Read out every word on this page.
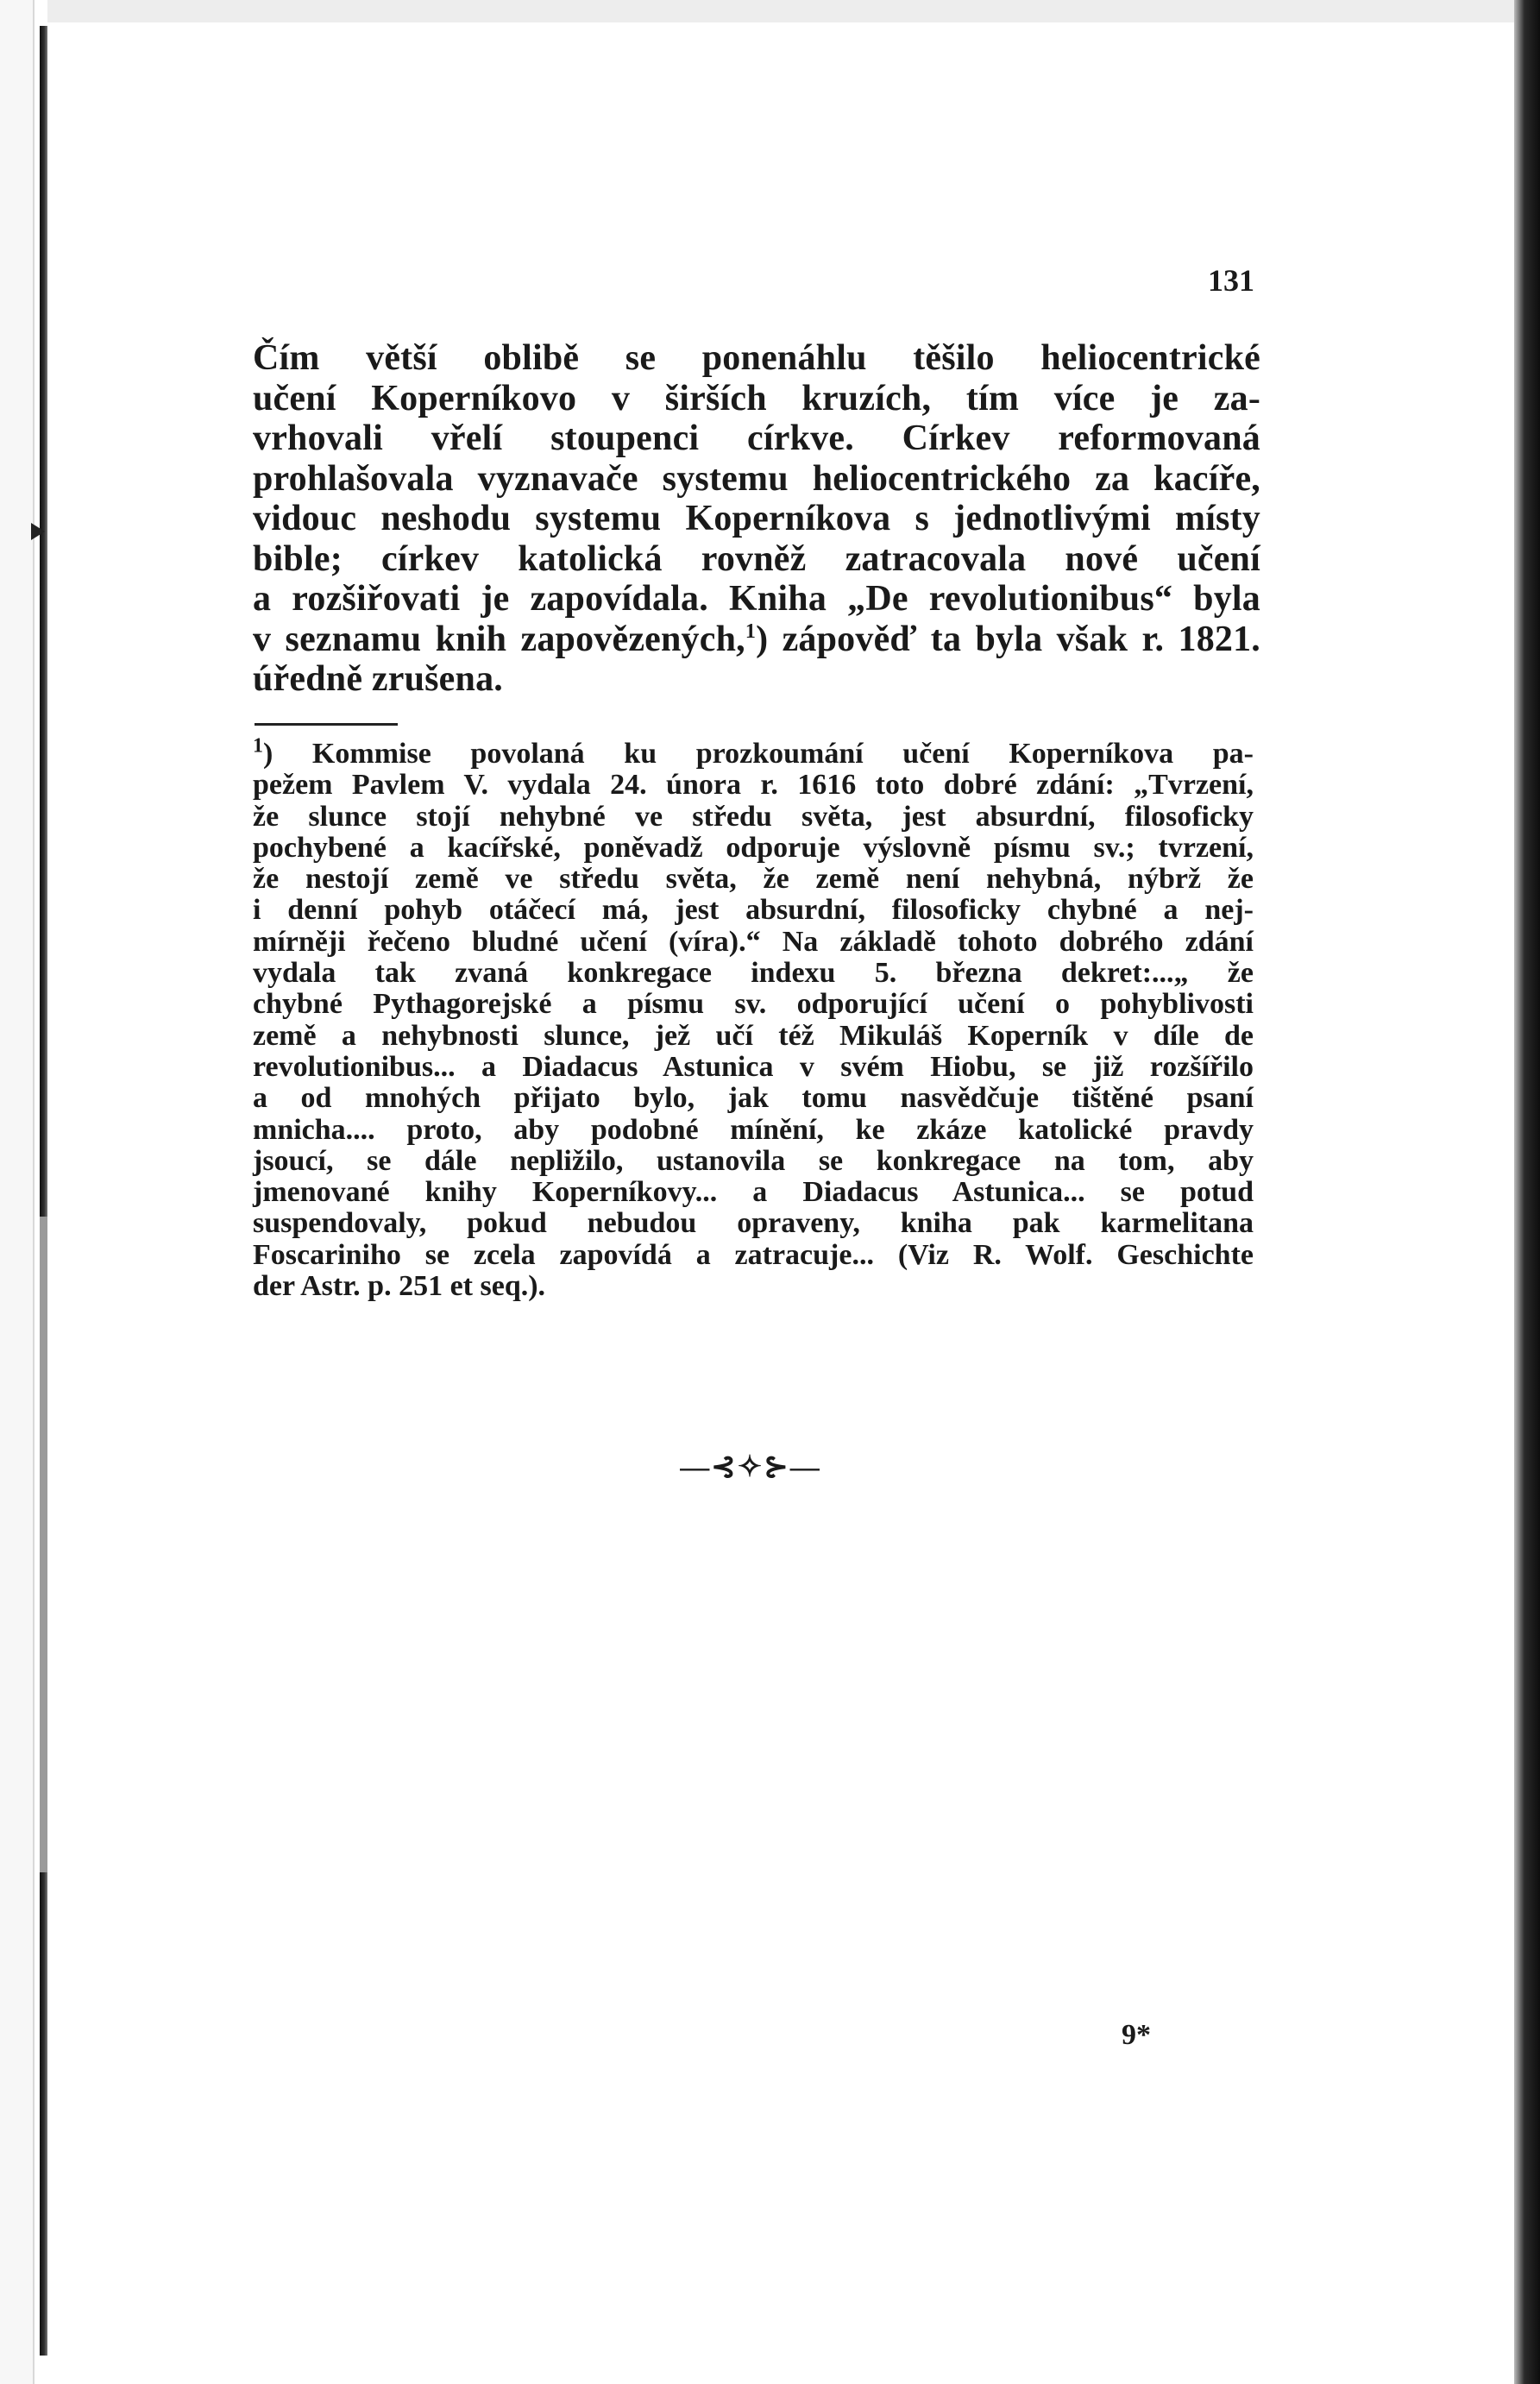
131
Čím větší oblibě se ponenáhlu těšilo heliocentrické
učení Koperníkovo v širších kruzích, tím více je za-
vrhovali vřelí stoupenci církve. Církev reformovaná
prohlašovala vyznavače systemu heliocentrického za kacíře,
vidouc neshodu systemu Koperníkova s jednotlivými místy
bible; církev katolická rovněž zatracovala nové učení
a rozšiřovati je zapovídala. Kniha „De revolutionibus“ byla
v seznamu knih zapovězených,$^1$) zápověď ta byla však r. 1821.
úředně zrušena.
$^1$) Kommise povolaná ku prozkoumání učení Koperníkova pa-
pežem Pavlem V. vydala 24. února r. 1616 toto dobré zdání: „Tvrzení,
že slunce stojí nehybné ve středu světa, jest absurdní, filosoficky
pochybené a kacířské, poněvadž odporuje výslovně písmu sv.; tvrzení,
že nestojí země ve středu světa, že země není nehybná, nýbrž že
i denní pohyb otáčecí má, jest absurdní, filosoficky chybné a nej-
mírněji řečeno bludné učení (víra).“ Na základě tohoto dobrého zdání
vydala tak zvaná konkregace indexu 5. března dekret:...„ že
chybné Pythagorejské a písmu sv. odporující učení o pohyblivosti
země a nehybnosti slunce, jež učí též Mikuláš Koperník v díle de
revolutionibus... a Diadacus Astunica v svém Hiobu, se již rozšířilo
a od mnohých přijato bylo, jak tomu nasvědčuje tištěné psaní
mnicha.... proto, aby podobné mínění, ke zkáze katolické pravdy
jsoucí, se dále nepližilo, ustanovila se konkregace na tom, aby
jmenované knihy Koperníkovy... a Diadacus Astunica... se potud
suspendovaly, pokud nebudou opraveny, kniha pak karmelitana
Foscariniho se zcela zapovídá a zatracuje... (Viz R. Wolf. Geschichte
der Astr. p. 251 et seq.).
—⊰✧⊱—
9*
